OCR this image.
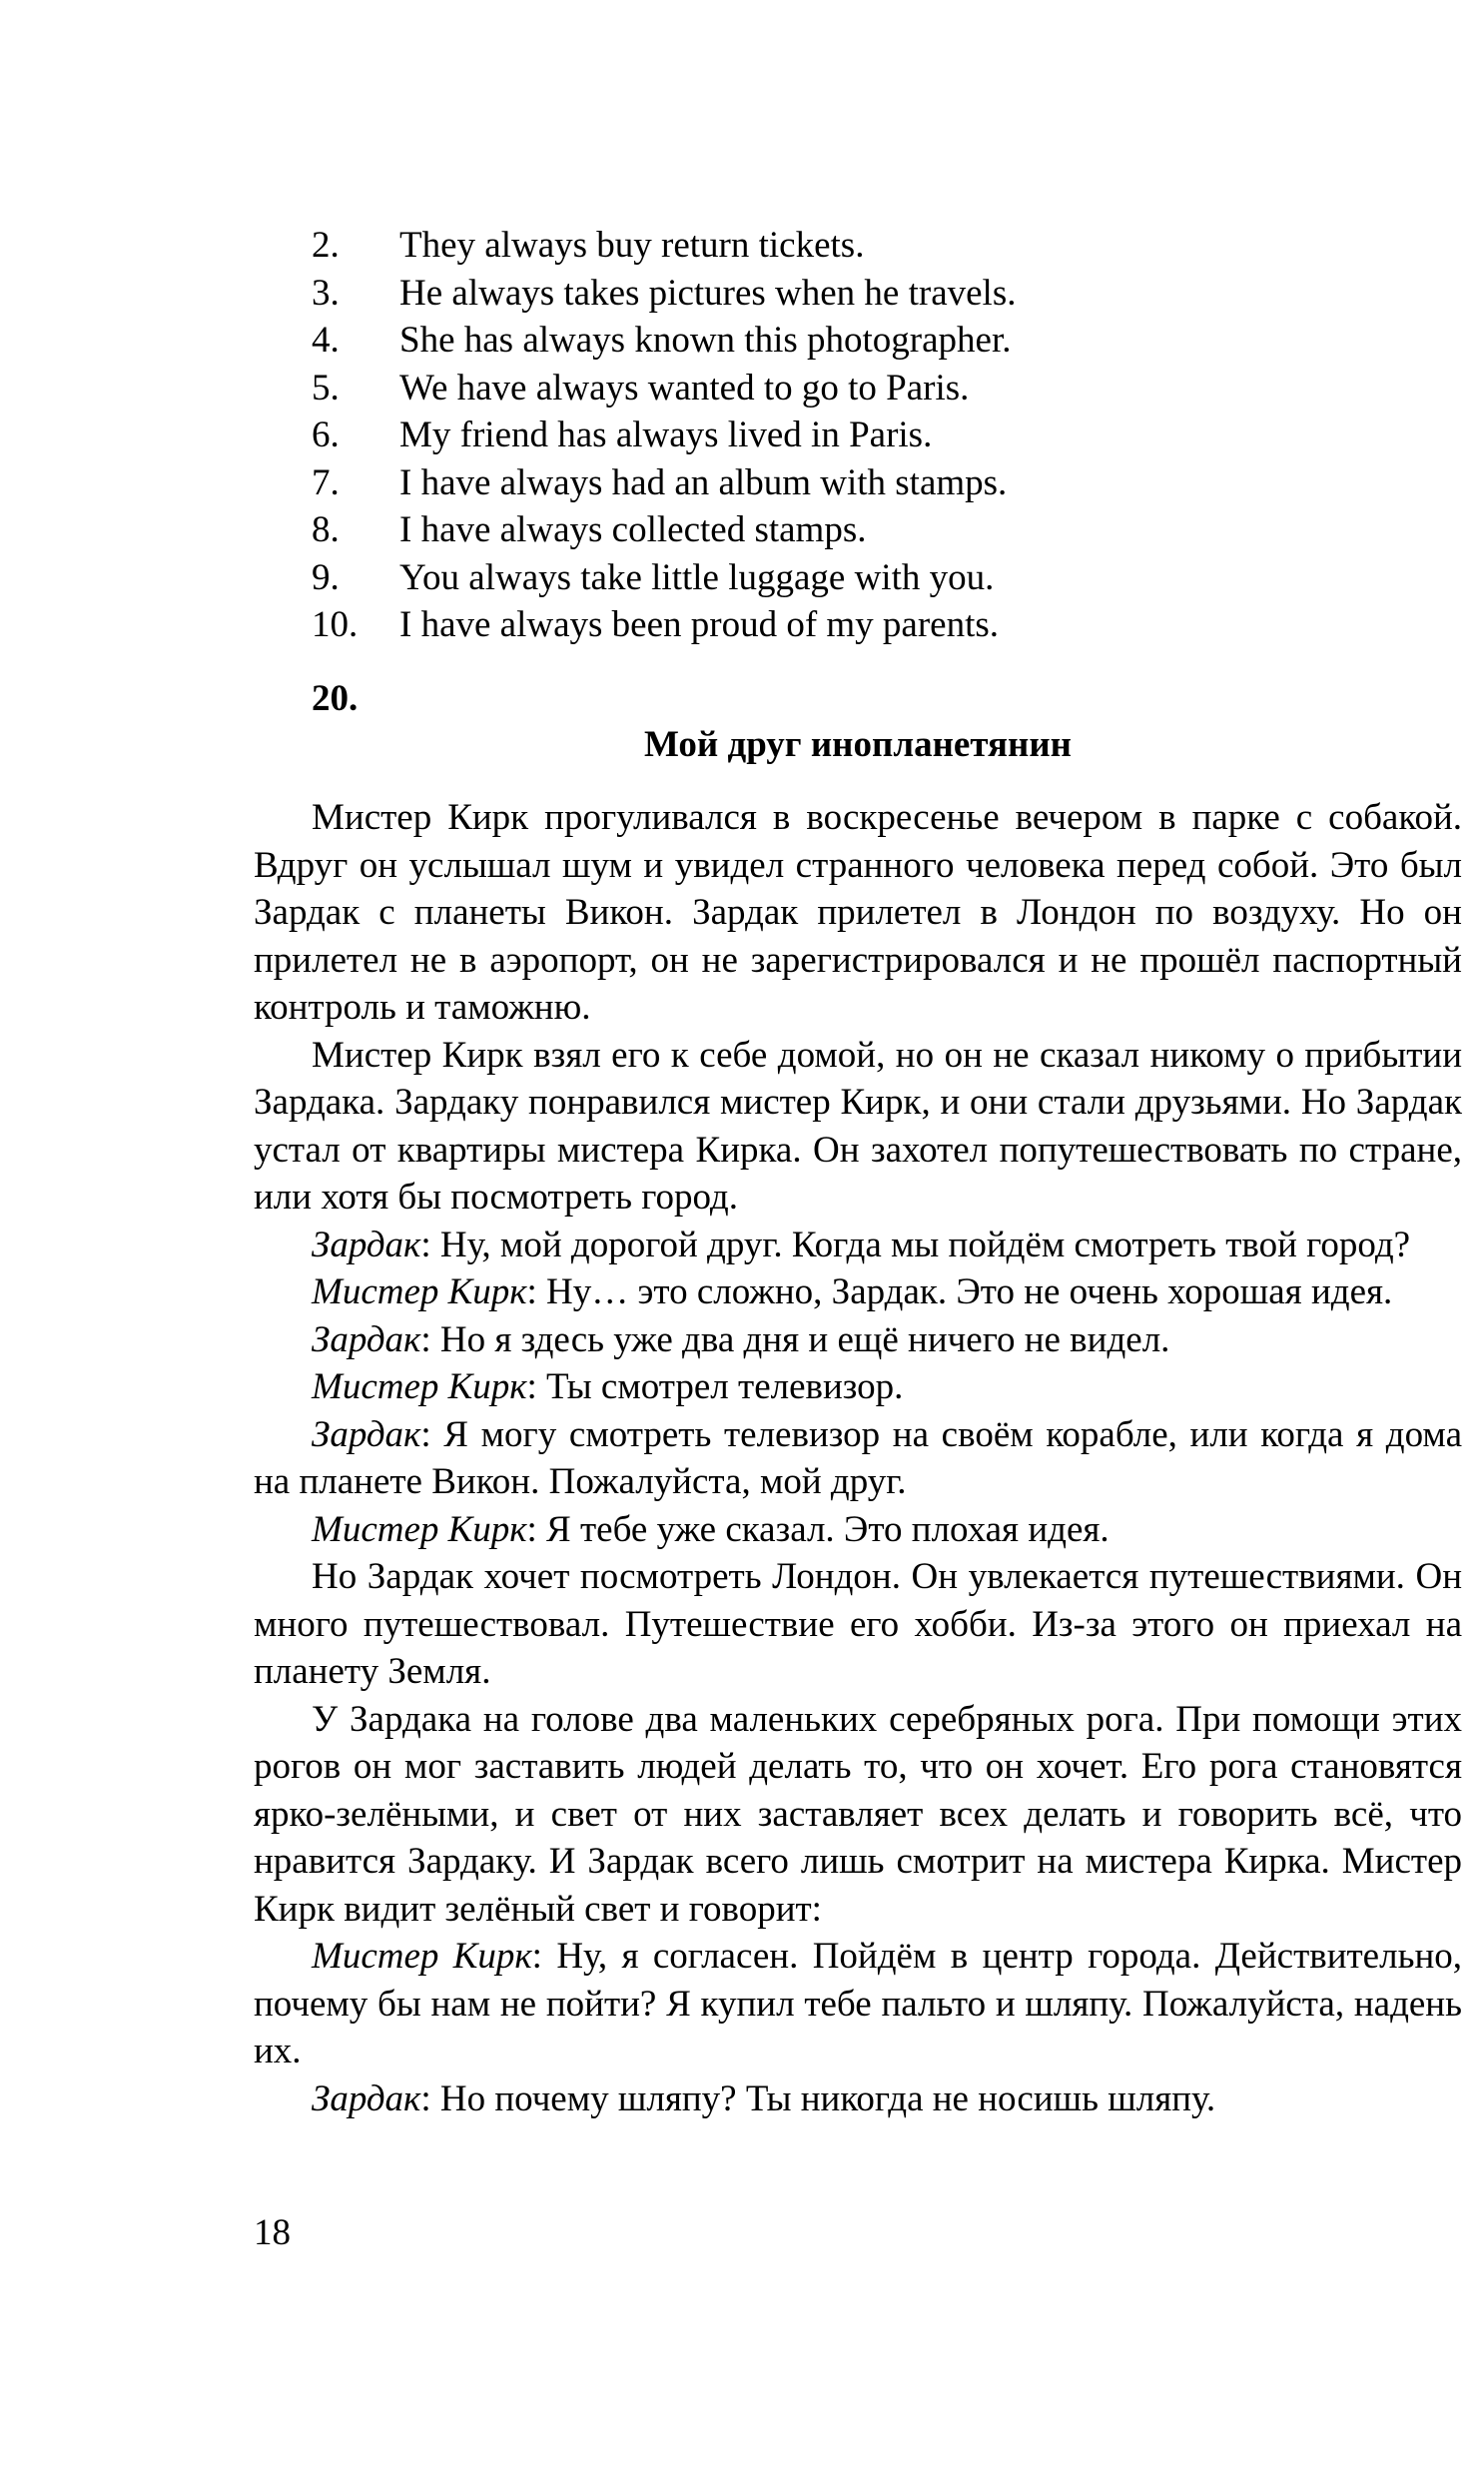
2.	They always buy return tickets.
3.	He always takes pictures when he travels.
4.	She has always known this photographer.
5.	We have always wanted to go to Paris.
6.	My friend has always lived in Paris.
7.	I have always had an album with stamps.
8.	I have always collected stamps.
9.	You always take little luggage with you.
10.	I have always been proud of my parents.
20.
Мой друг инопланетянин

Мистер Кирк прогуливался в воскресенье вечером в парке с собакой. Вдруг он услышал шум и увидел странного человека перед собой. Это был Зардак с планеты Викон. Зардак прилетел в Лондон по воздуху. Но он прилетел не в аэропорт, он не зарегистрировался и не прошёл паспортный контроль и таможню.

Мистер Кирк взял его к себе домой, но он не сказал никому о прибытии Зардака. Зардаку понравился мистер Кирк, и они стали друзьями. Но Зардак устал от квартиры мистера Кирка. Он захотел попутешествовать по стране, или хотя бы посмотреть город.

Зардак: Ну, мой дорогой друг. Когда мы пойдём смотреть твой город?

Мистер Кирк: Ну… это сложно, Зардак. Это не очень хорошая идея.

Зардак: Но я здесь уже два дня и ещё ничего не видел.

Мистер Кирк: Ты смотрел телевизор.

Зардак: Я могу смотреть телевизор на своём корабле, или когда я дома на планете Викон. Пожалуйста, мой друг.

Мистер Кирк: Я тебе уже сказал. Это плохая идея.

Но Зардак хочет посмотреть Лондон. Он увлекается путешествиями. Он много путешествовал. Путешествие его хобби. Из-за этого он приехал на планету Земля.

У Зардака на голове два маленьких серебряных рога. При помощи этих рогов он мог заставить людей делать то, что он хочет. Его рога становятся ярко-зелёными, и свет от них заставляет всех делать и говорить всё, что нравится Зардаку. И Зардак всего лишь смотрит на мистера Кирка. Мистер Кирк видит зелёный свет и говорит:

Мистер Кирк: Ну, я согласен. Пойдём в центр города. Действительно, почему бы нам не пойти? Я купил тебе пальто и шляпу. Пожалуйста, надень их.

Зардак: Но почему шляпу? Ты никогда не носишь шляпу.

18
